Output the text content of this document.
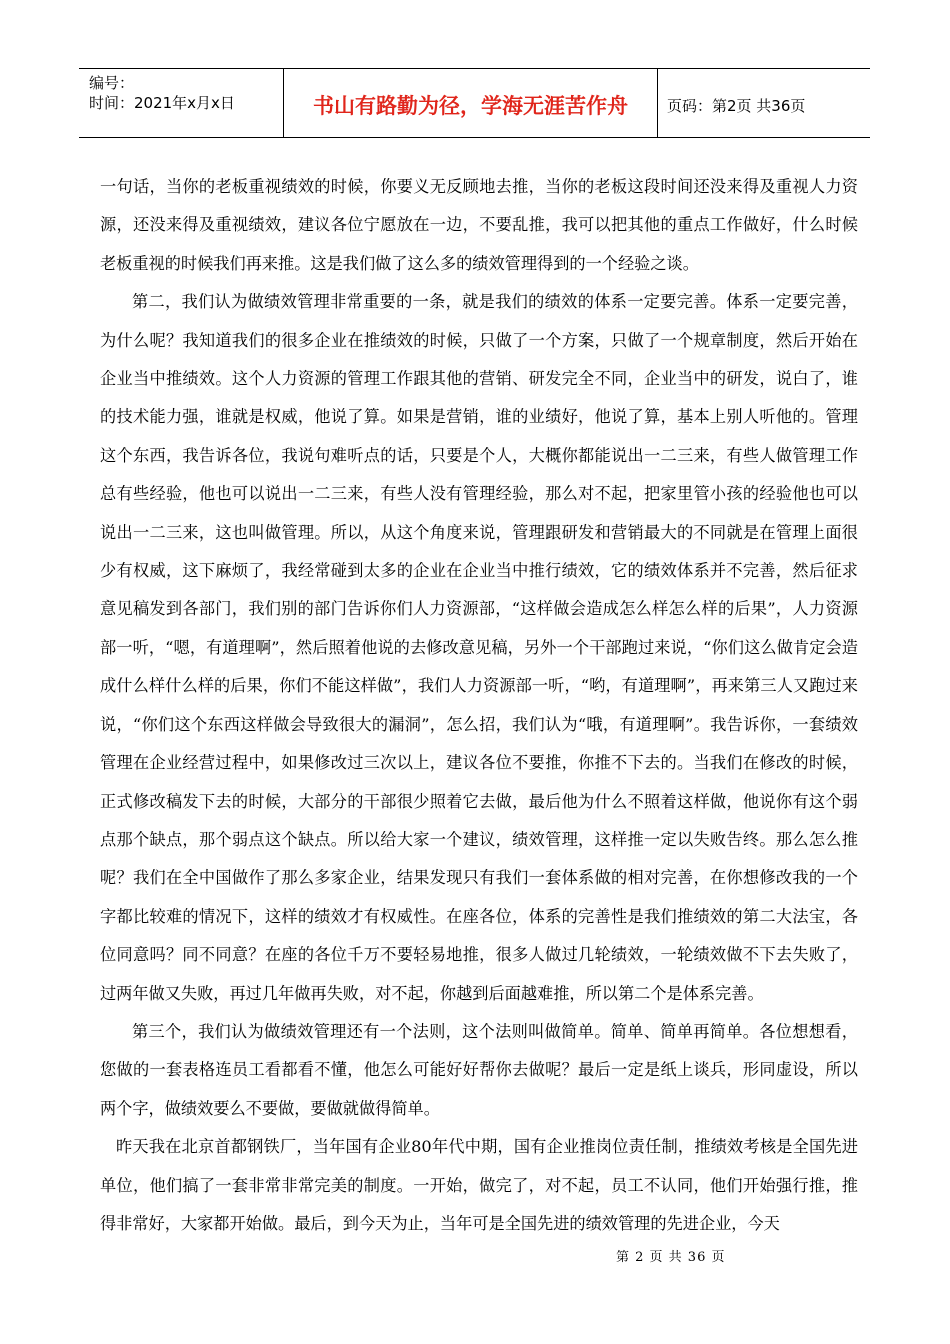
编号：
时间：2021年x月x日	书山有路勤为径，学海无涯苦作舟	页码：第2页 共36页

一句话，当你的老板重视绩效的时候，你要义无反顾地去推，当你的老板这段时间还没来得及重视人力资源，还没来得及重视绩效，建议各位宁愿放在一边，不要乱推，我可以把其他的重点工作做好，什么时候老板重视的时候我们再来推。这是我们做了这么多的绩效管理得到的一个经验之谈。

第二，我们认为做绩效管理非常重要的一条，就是我们的绩效的体系一定要完善。体系一定要完善，为什么呢？我知道我们的很多企业在推绩效的时候，只做了一个方案，只做了一个规章制度，然后开始在企业当中推绩效。这个人力资源的管理工作跟其他的营销、研发完全不同，企业当中的研发，说白了，谁的技术能力强，谁就是权威，他说了算。如果是营销，谁的业绩好，他说了算，基本上别人听他的。管理这个东西，我告诉各位，我说句难听点的话，只要是个人，大概你都能说出一二三来，有些人做管理工作总有些经验，他也可以说出一二三来，有些人没有管理经验，那么对不起，把家里管小孩的经验他也可以说出一二三来，这也叫做管理。所以，从这个角度来说，管理跟研发和营销最大的不同就是在管理上面很少有权威，这下麻烦了，我经常碰到太多的企业在企业当中推行绩效，它的绩效体系并不完善，然后征求意见稿发到各部门，我们别的部门告诉你们人力资源部，“这样做会造成怎么样怎么样的后果”，人力资源部一听，“嗯，有道理啊”，然后照着他说的去修改意见稿，另外一个干部跑过来说，“你们这么做肯定会造成什么样什么样的后果，你们不能这样做”，我们人力资源部一听，“哟，有道理啊”，再来第三人又跑过来说，“你们这个东西这样做会导致很大的漏洞”，怎么招，我们认为“哦，有道理啊”。我告诉你，一套绩效管理在企业经营过程中，如果修改过三次以上，建议各位不要推，你推不下去的。当我们在修改的时候，正式修改稿发下去的时候，大部分的干部很少照着它去做，最后他为什么不照着这样做，他说你有这个弱点那个缺点，那个弱点这个缺点。所以给大家一个建议，绩效管理，这样推一定以失败告终。那么怎么推呢？我们在全中国做作了那么多家企业，结果发现只有我们一套体系做的相对完善，在你想修改我的一个字都比较难的情况下，这样的绩效才有权威性。在座各位，体系的完善性是我们推绩效的第二大法宝，各位同意吗？同不同意？在座的各位千万不要轻易地推，很多人做过几轮绩效，一轮绩效做不下去失败了，过两年做又失败，再过几年做再失败，对不起，你越到后面越难推，所以第二个是体系完善。

第三个，我们认为做绩效管理还有一个法则，这个法则叫做简单。简单、简单再简单。各位想想看，您做的一套表格连员工看都看不懂，他怎么可能好好帮你去做呢？最后一定是纸上谈兵，形同虚设，所以两个字，做绩效要么不要做，要做就做得简单。

昨天我在北京首都钢铁厂，当年国有企业80年代中期，国有企业推岗位责任制，推绩效考核是全国先进单位，他们搞了一套非常非常完美的制度。一开始，做完了，对不起，员工不认同，他们开始强行推，推得非常好，大家都开始做。最后，到今天为止，当年可是全国先进的绩效管理的先进企业，今天

第 2 页 共 36 页
